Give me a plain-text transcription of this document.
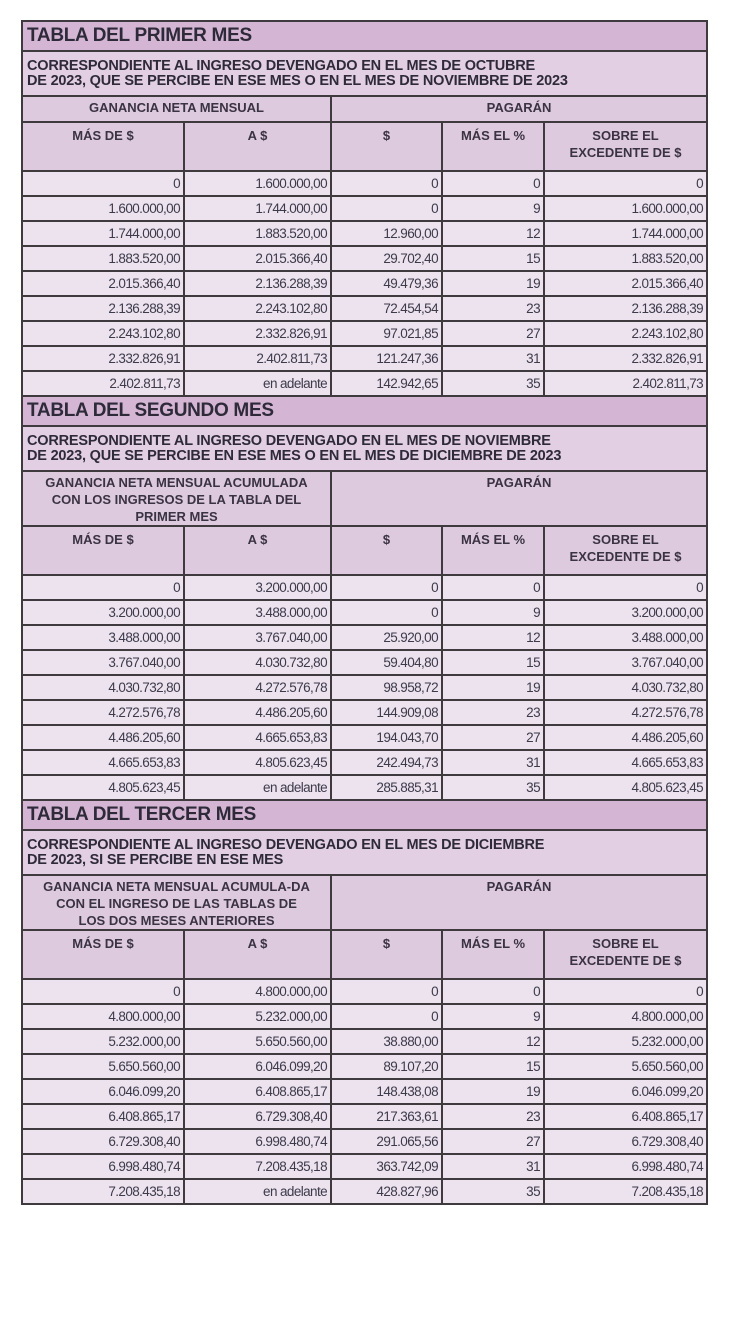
TABLA DEL PRIMER MES				

CORRESPONDIENTE AL INGRESO DEVENGADO EN EL MES DE OCTUBRE
DE 2023, QUE SE PERCIBE EN ESE MES O EN EL MES DE NOVIEMBRE DE 2023				

GANANCIA NETA MENSUAL		PAGARÁN		
MÁS DE $	A $	$	MÁS EL %	SOBRE EL EXCEDENTE DE $
0	1.600.000,00	0	0	0
1.600.000,00	1.744.000,00	0	9	1.600.000,00
1.744.000,00	1.883.520,00	12.960,00	12	1.744.000,00
1.883.520,00	2.015.366,40	29.702,40	15	1.883.520,00
2.015.366,40	2.136.288,39	49.479,36	19	2.015.366,40
2.136.288,39	2.243.102,80	72.454,54	23	2.136.288,39
2.243.102,80	2.332.826,91	97.021,85	27	2.243.102,80
2.332.826,91	2.402.811,73	121.247,36	31	2.332.826,91
2.402.811,73	en adelante	142.942,65	35	2.402.811,73
TABLA DEL SEGUNDO MES				

CORRESPONDIENTE AL INGRESO DEVENGADO EN EL MES DE NOVIEMBRE
DE 2023, QUE SE PERCIBE EN ESE MES O EN EL MES DE DICIEMBRE DE 2023				

GANANCIA NETA MENSUAL ACUMULADA CON LOS INGRESOS DE LA TABLA DEL PRIMER MES		PAGARÁN		
MÁS DE $	A $	$	MÁS EL %	SOBRE EL EXCEDENTE DE $
0	3.200.000,00	0	0	0
3.200.000,00	3.488.000,00	0	9	3.200.000,00
3.488.000,00	3.767.040,00	25.920,00	12	3.488.000,00
3.767.040,00	4.030.732,80	59.404,80	15	3.767.040,00
4.030.732,80	4.272.576,78	98.958,72	19	4.030.732,80
4.272.576,78	4.486.205,60	144.909,08	23	4.272.576,78
4.486.205,60	4.665.653,83	194.043,70	27	4.486.205,60
4.665.653,83	4.805.623,45	242.494,73	31	4.665.653,83
4.805.623,45	en adelante	285.885,31	35	4.805.623,45
TABLA DEL TERCER MES				

CORRESPONDIENTE AL INGRESO DEVENGADO EN EL MES DE DICIEMBRE
DE 2023, SI SE PERCIBE EN ESE MES				

GANANCIA NETA MENSUAL ACUMULA-DA CON EL INGRESO DE LAS TABLAS DE LOS DOS MESES ANTERIORES		PAGARÁN		
MÁS DE $	A $	$	MÁS EL %	SOBRE EL EXCEDENTE DE $
0	4.800.000,00	0	0	0
4.800.000,00	5.232.000,00	0	9	4.800.000,00
5.232.000,00	5.650.560,00	38.880,00	12	5.232.000,00
5.650.560,00	6.046.099,20	89.107,20	15	5.650.560,00
6.046.099,20	6.408.865,17	148.438,08	19	6.046.099,20
6.408.865,17	6.729.308,40	217.363,61	23	6.408.865,17
6.729.308,40	6.998.480,74	291.065,56	27	6.729.308,40
6.998.480,74	7.208.435,18	363.742,09	31	6.998.480,74
7.208.435,18	en adelante	428.827,96	35	7.208.435,18
